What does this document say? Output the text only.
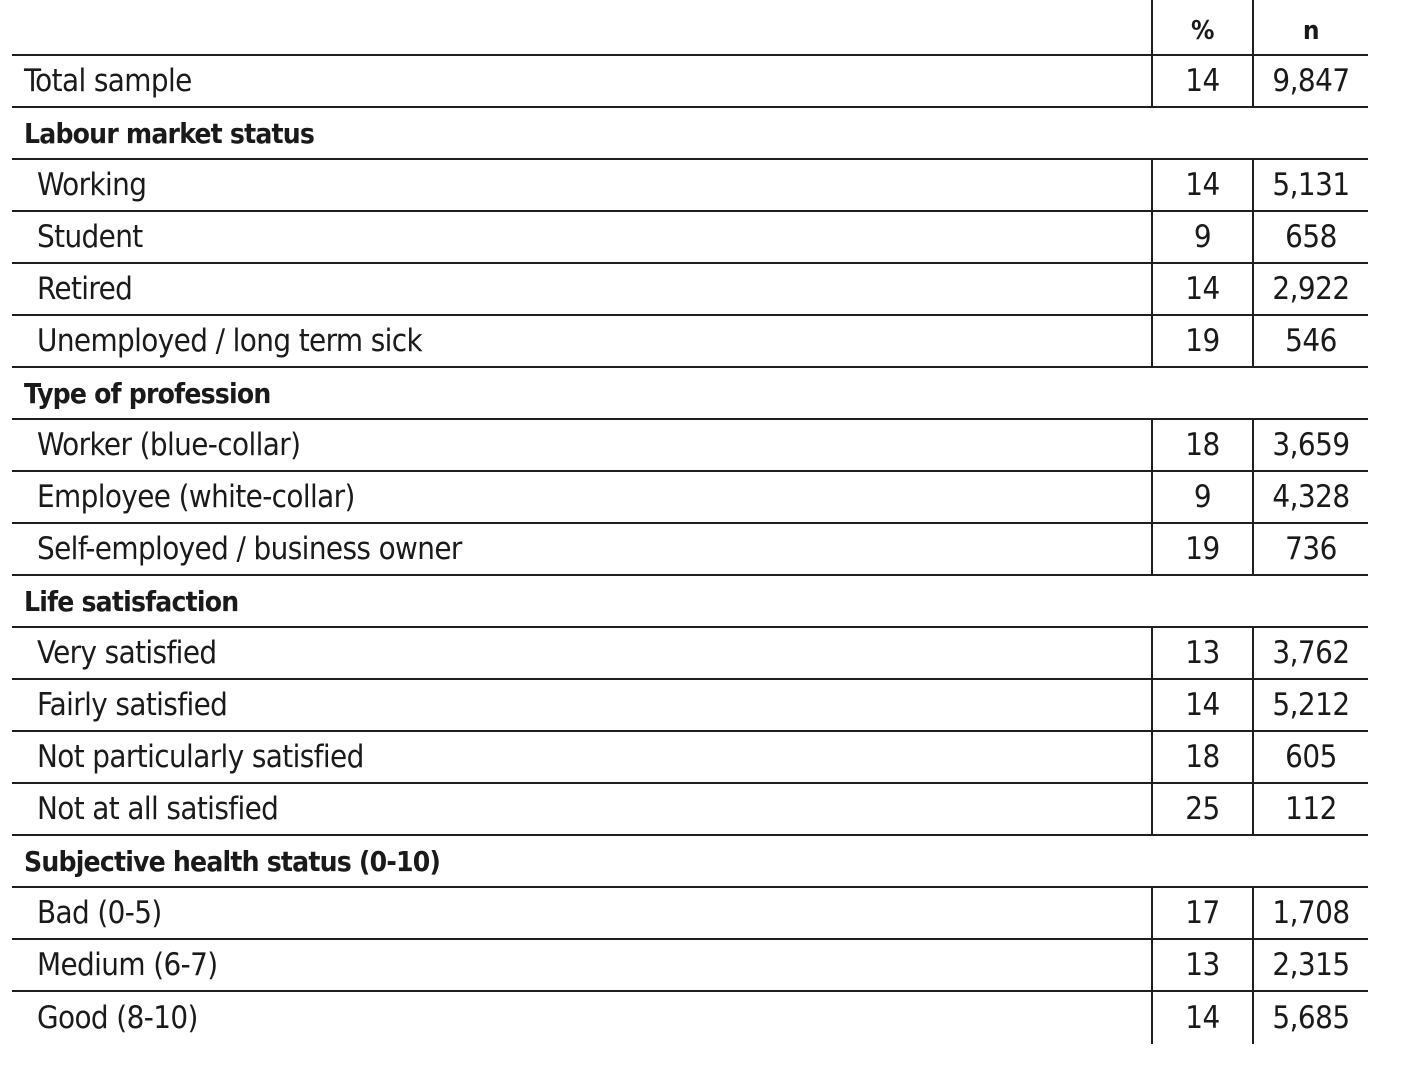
%	n
Total sample	14	9,847
Labour market status
Working	14	5,131
Student	9	658
Retired	14	2,922
Unemployed / long term sick	19	546
Type of profession
Worker (blue-collar)	18	3,659
Employee (white-collar)	9	4,328
Self-employed / business owner	19	736
Life satisfaction
Very satisfied	13	3,762
Fairly satisfied	14	5,212
Not particularly satisfied	18	605
Not at all satisfied	25	112
Subjective health status (0-10)
Bad (0-5)	17	1,708
Medium (6-7)	13	2,315
Good (8-10)	14	5,685
